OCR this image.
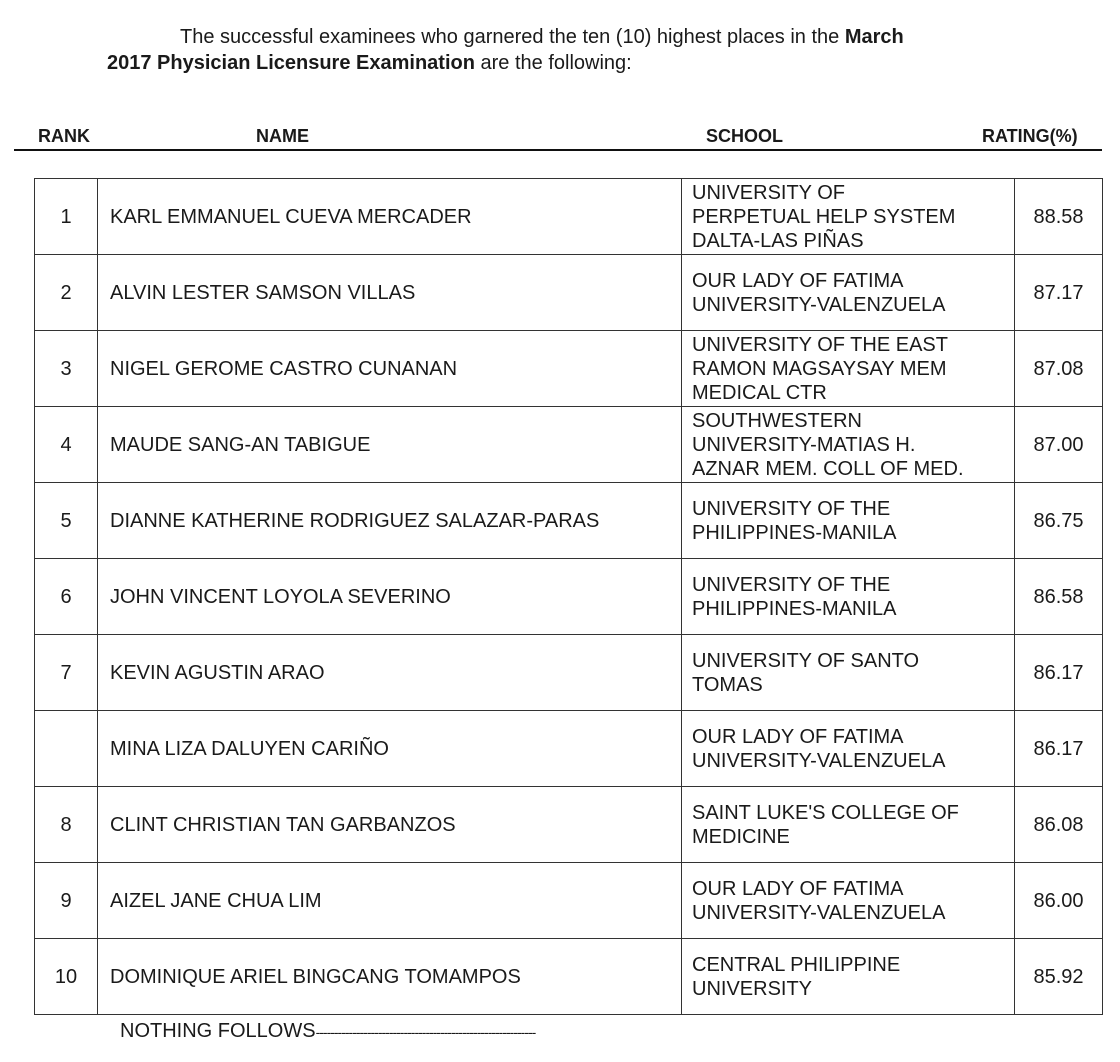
The successful examinees who garnered the ten (10) highest places in the March
2017 Physician Licensure Examination are the following:
RANK	NAME	SCHOOL	RATING(%)
1	KARL EMMANUEL CUEVA MERCADER	UNIVERSITY OF
PERPETUAL HELP SYSTEM
DALTA-LAS PIÑAS	88.58
2	ALVIN LESTER SAMSON VILLAS	OUR LADY OF FATIMA
UNIVERSITY-VALENZUELA	87.17
3	NIGEL GEROME CASTRO CUNANAN	UNIVERSITY OF THE EAST
RAMON MAGSAYSAY MEM
MEDICAL CTR	87.08
4	MAUDE SANG-AN TABIGUE	SOUTHWESTERN
UNIVERSITY-MATIAS H.
AZNAR MEM. COLL OF MED.	87.00
5	DIANNE KATHERINE RODRIGUEZ SALAZAR-PARAS	UNIVERSITY OF THE
PHILIPPINES-MANILA	86.75
6	JOHN VINCENT LOYOLA SEVERINO	UNIVERSITY OF THE
PHILIPPINES-MANILA	86.58
7	KEVIN AGUSTIN ARAO	UNIVERSITY OF SANTO
TOMAS	86.17
	MINA LIZA DALUYEN CARIÑO	OUR LADY OF FATIMA
UNIVERSITY-VALENZUELA	86.17
8	CLINT CHRISTIAN TAN GARBANZOS	SAINT LUKE'S COLLEGE OF
MEDICINE	86.08
9	AIZEL JANE CHUA LIM	OUR LADY OF FATIMA
UNIVERSITY-VALENZUELA	86.00
10	DOMINIQUE ARIEL BINGCANG TOMAMPOS	CENTRAL PHILIPPINE
UNIVERSITY	85.92
NOTHING FOLLOWS------------------------------------------------------------
